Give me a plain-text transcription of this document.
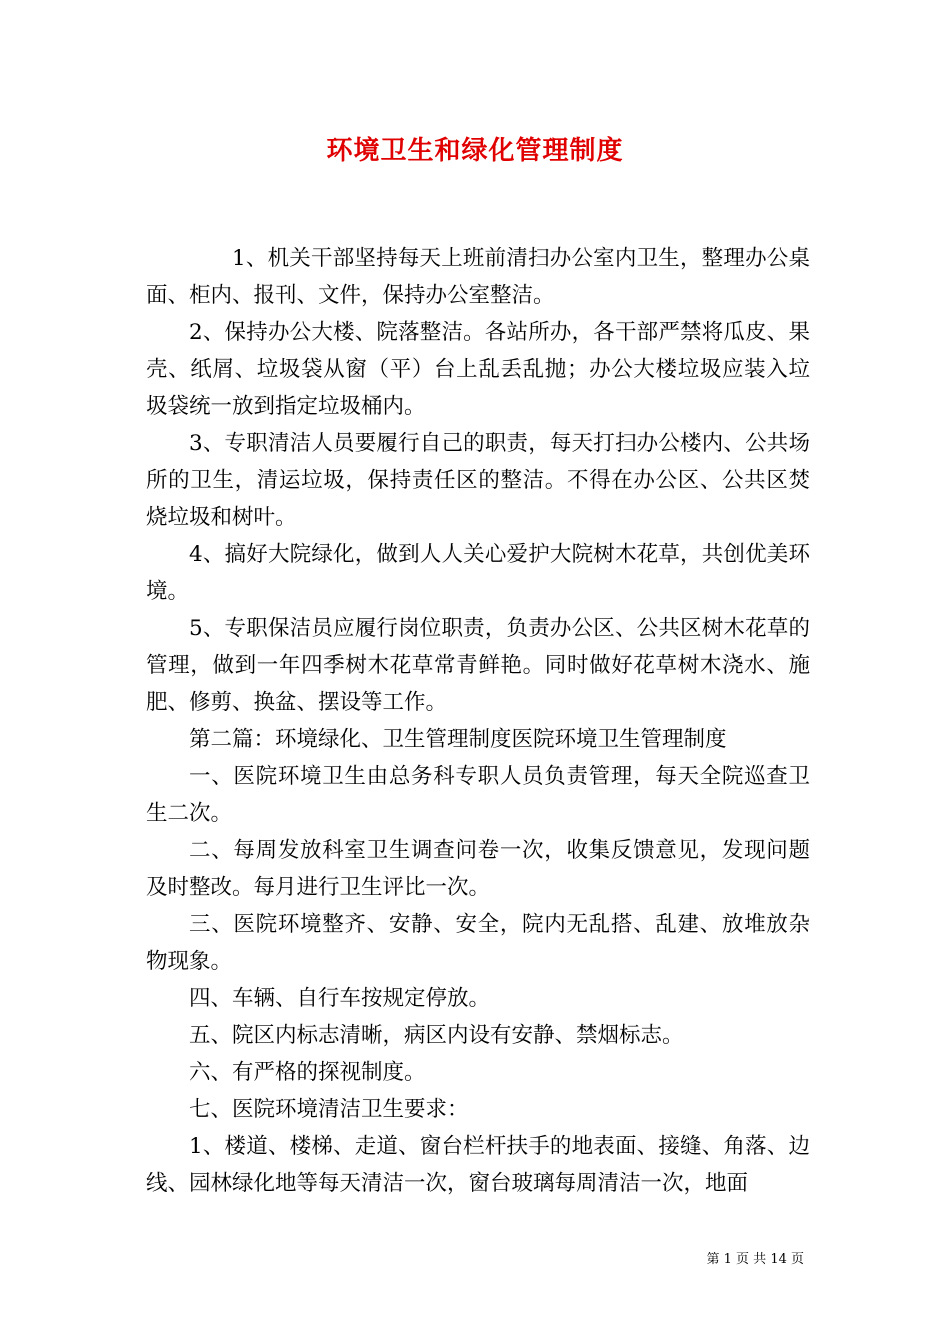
环境卫生和绿化管理制度

1、机关干部坚持每天上班前清扫办公室内卫生，整理办公桌面、柜内、报刊、文件，保持办公室整洁。

2、保持办公大楼、院落整洁。各站所办，各干部严禁将瓜皮、果壳、纸屑、垃圾袋从窗（平）台上乱丢乱抛；办公大楼垃圾应装入垃圾袋统一放到指定垃圾桶内。

3、专职清洁人员要履行自己的职责，每天打扫办公楼内、公共场所的卫生，清运垃圾，保持责任区的整洁。不得在办公区、公共区焚烧垃圾和树叶。

4、搞好大院绿化，做到人人关心爱护大院树木花草，共创优美环境。

5、专职保洁员应履行岗位职责，负责办公区、公共区树木花草的管理，做到一年四季树木花草常青鲜艳。同时做好花草树木浇水、施肥、修剪、换盆、摆设等工作。

第二篇：环境绿化、卫生管理制度医院环境卫生管理制度

一、医院环境卫生由总务科专职人员负责管理，每天全院巡查卫生二次。

二、每周发放科室卫生调查问卷一次，收集反馈意见，发现问题及时整改。每月进行卫生评比一次。

三、医院环境整齐、安静、安全，院内无乱搭、乱建、放堆放杂物现象。

四、车辆、自行车按规定停放。

五、院区内标志清晰，病区内设有安静、禁烟标志。

六、有严格的探视制度。

七、医院环境清洁卫生要求：

1、楼道、楼梯、走道、窗台栏杆扶手的地表面、接缝、角落、边线、园林绿化地等每天清洁一次，窗台玻璃每周清洁一次，地面

第 1 页 共 14 页
